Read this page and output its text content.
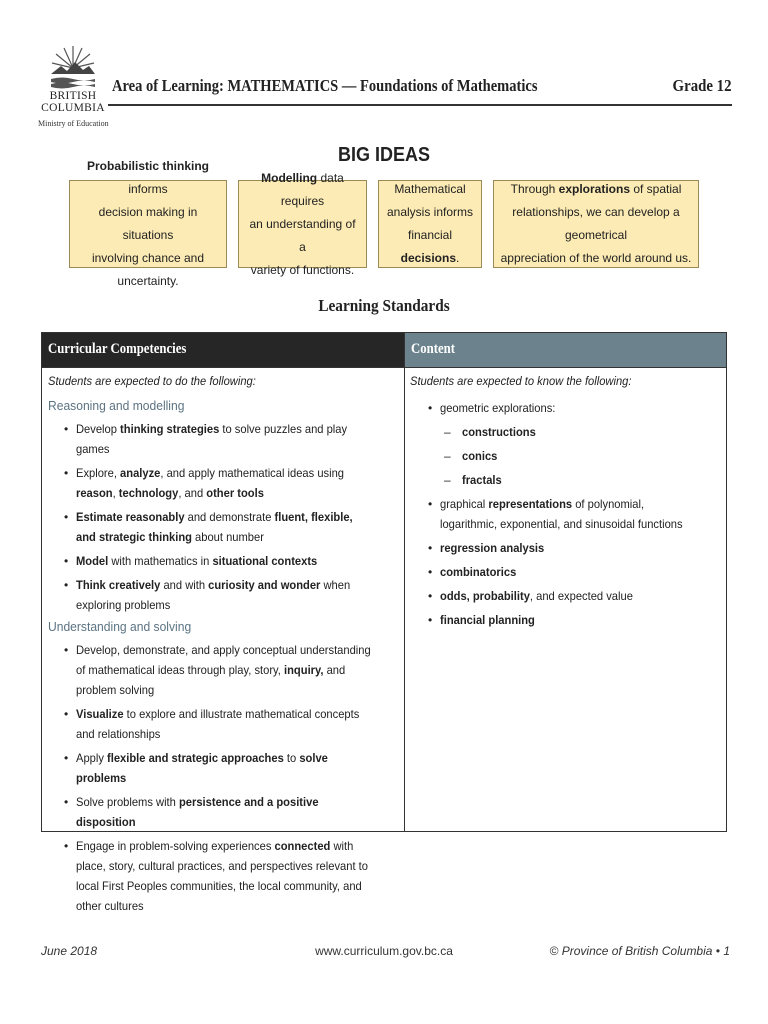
BRITISH
COLUMBIA
Ministry of Education
Area of Learning: MATHEMATICS — Foundations of Mathematics	Grade 12
BIG IDEAS
Probabilistic thinking informs
decision making in situations
involving chance and uncertainty.
Modelling data requires
an understanding of a
variety of functions.
Mathematical
analysis informs
financial decisions.
Through explorations of spatial
relationships, we can develop a geometrical
appreciation of the world around us.
Learning Standards
Curricular Competencies	Content
Students are expected to do the following:
Reasoning and modelling
• Develop thinking strategies to solve puzzles and play games
• Explore, analyze, and apply mathematical ideas using reason, technology, and other tools
• Estimate reasonably and demonstrate fluent, flexible, and strategic thinking about number
• Model with mathematics in situational contexts
• Think creatively and with curiosity and wonder when exploring problems
Understanding and solving
• Develop, demonstrate, and apply conceptual understanding of mathematical ideas through play, story, inquiry, and problem solving
• Visualize to explore and illustrate mathematical concepts and relationships
• Apply flexible and strategic approaches to solve problems
• Solve problems with persistence and a positive disposition
• Engage in problem-solving experiences connected with place, story, cultural practices, and perspectives relevant to local First Peoples communities, the local community, and other cultures
Students are expected to know the following:
• geometric explorations:
– constructions
– conics
– fractals
• graphical representations of polynomial, logarithmic, exponential, and sinusoidal functions
• regression analysis
• combinatorics
• odds, probability, and expected value
• financial planning
June 2018	www.curriculum.gov.bc.ca	© Province of British Columbia • 1
